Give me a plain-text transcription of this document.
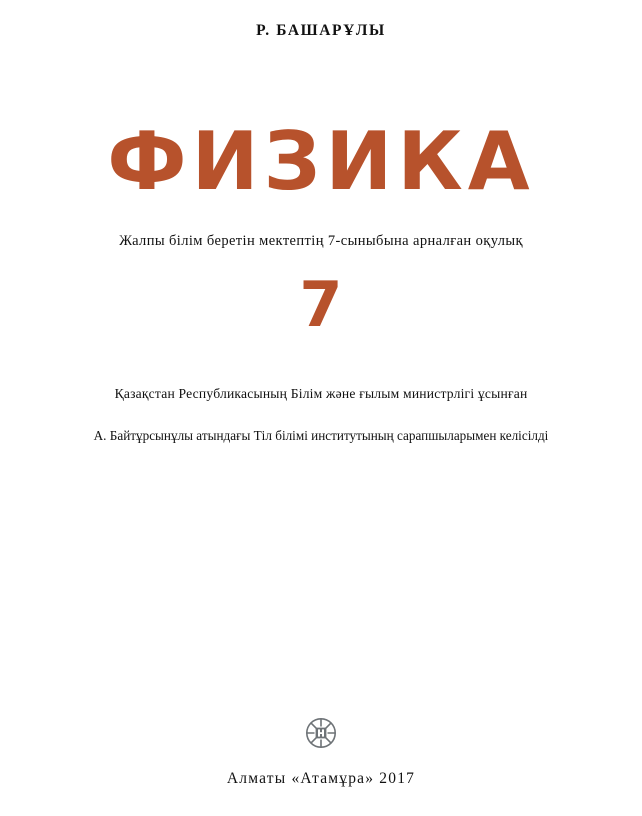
Р. БАШАРҰЛЫ
ФИЗИКА
Жалпы білім беретін мектептің 7-сыныбына арналған оқулық
7
Қазақстан Республикасының Білім және ғылым министрлігі ұсынған
А. Байтұрсынұлы атындағы Тіл білімі институтының сарапшыларымен келісілді
Алматы «Атамұра» 2017
